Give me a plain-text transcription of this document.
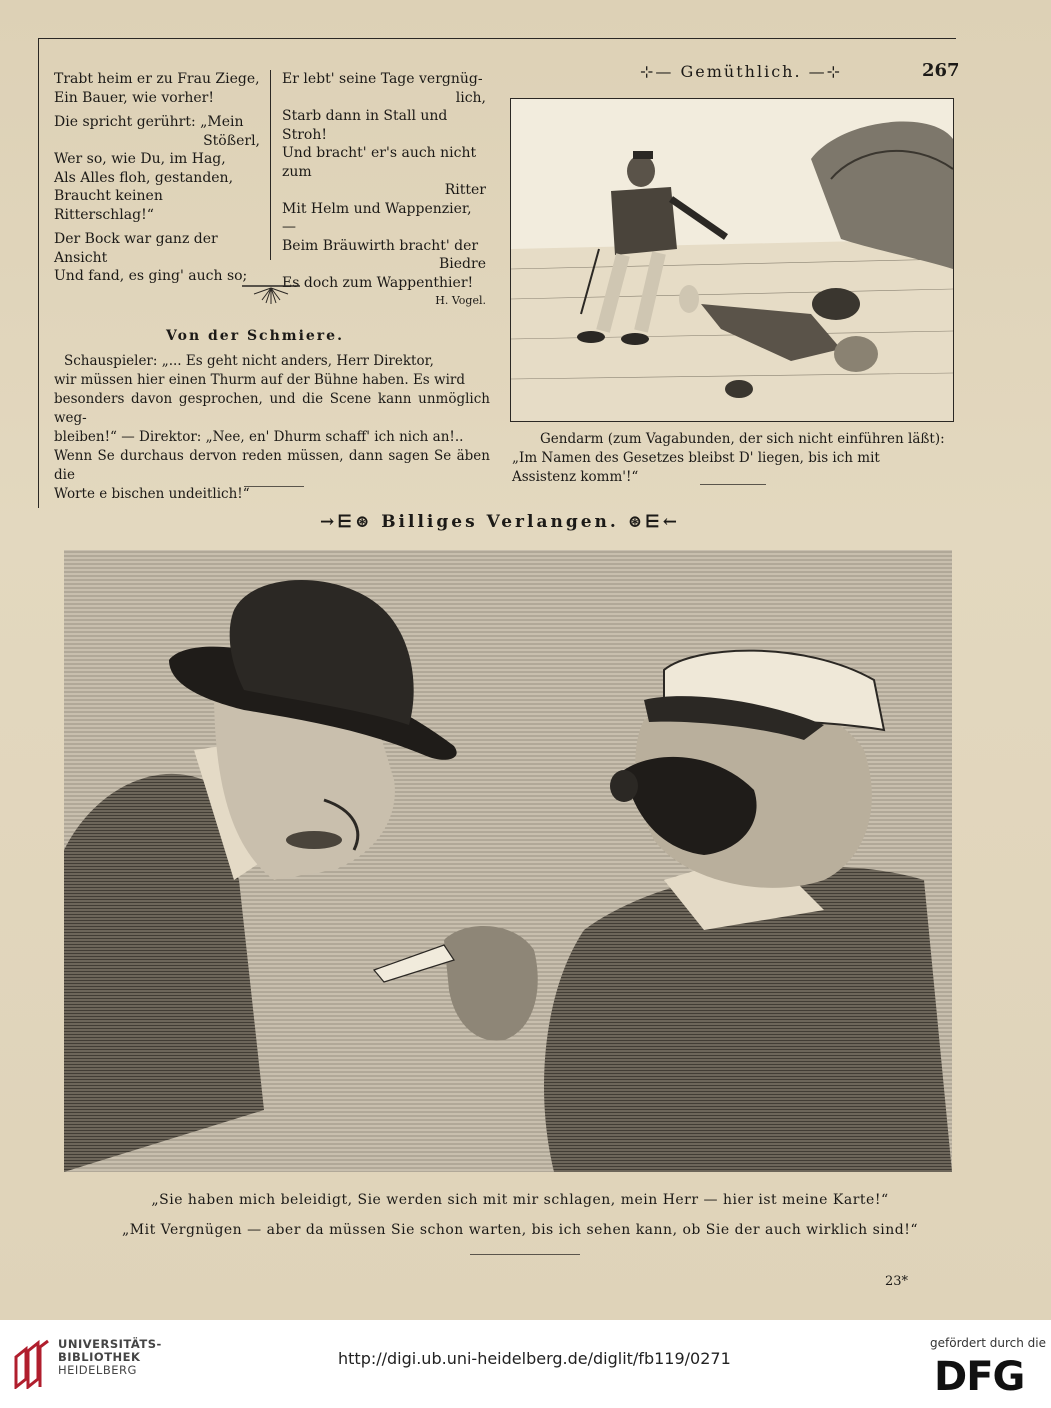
Trabt heim er zu Frau Ziege,
Ein Bauer, wie vorher!
Die spricht gerührt: „Mein
Stößerl,
Wer so, wie Du, im Hag,
Als Alles floh, gestanden,
Braucht keinen Ritterschlag!“
Der Bock war ganz der Ansicht
Und fand, es ging' auch so;
Er lebt' seine Tage vergnüg-
lich,
Starb dann in Stall und Stroh!
Und bracht' er's auch nicht zum
Ritter
Mit Helm und Wappenzier, —
Beim Bräuwirth bracht' der
Biedre
Es doch zum Wappenthier!
H. Vogel.
⊹— Gemüthlich. —⊹	267
Von der Schmiere.
Schauspieler: „... Es geht nicht anders, Herr Direktor,
wir müssen hier einen Thurm auf der Bühne haben. Es wird
besonders davon gesprochen, und die Scene kann unmöglich weg-
bleiben!“ — Direktor: „Nee, en' Dhurm schaff' ich nich an!..
Wenn Se durchaus dervon reden müssen, dann sagen Se äben die
Worte e bischen undeitlich!“
Gendarm (zum Vagabunden, der sich nicht einführen läßt):
„Im Namen des Gesetzes bleibst D' liegen, bis ich mit
Assistenz komm'!“
→⋿⊛ Billiges Verlangen. ⊛⋿←
„Sie haben mich beleidigt, Sie werden sich mit mir schlagen, mein Herr — hier ist meine Karte!“
„Mit Vergnügen — aber da müssen Sie schon warten, bis ich sehen kann, ob Sie der auch wirklich sind!“
23*
UNIVERSITÄTS-
BIBLIOTHEK
HEIDELBERG
http://digi.ub.uni-heidelberg.de/diglit/fb119/0271
gefördert durch die
DFG
